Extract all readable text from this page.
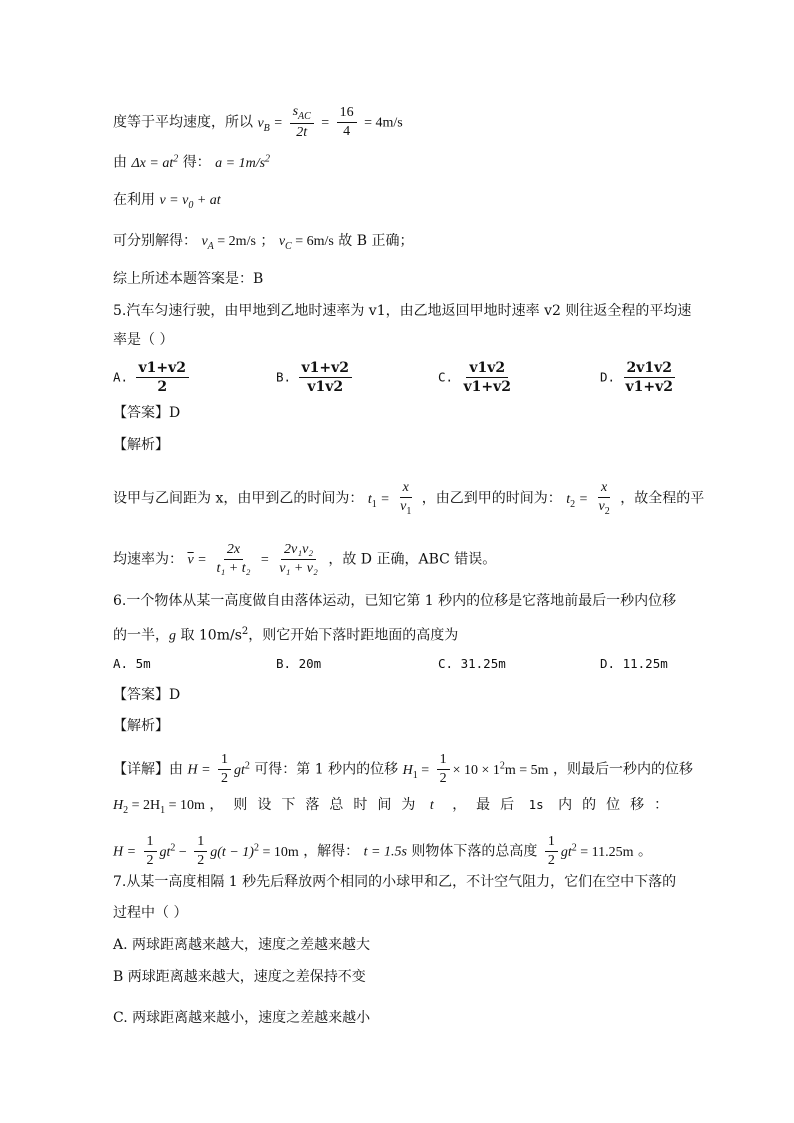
度等于平均速度，所以 $v_B = \frac{s_{AC}}{2t} = \frac{16}{4} = 4m/s$
由 $\Delta x = at^2$ 得： $a = 1m/s^2$
在利用 $v = v_0$ + at
可分别解得： $v_A = 2m/s$ ； $v_C = 6m/s$ 故 B 正确；
综上所述本题答案是：B
5.汽车匀速行驶，由甲地到乙地时速率为 v1，由乙地返回甲地时速率 v2 则往返全程的平均速
率是（ ）
A. $\frac{v1+v2}{2}$	B. $\frac{v1+v2}{v1v2}$	C. $\frac{v1v2}{v1+v2}$	D. $\frac{2v1v2}{v1+v2}$
【答案】D
【解析】
设甲与乙间距为 x，由甲到乙的时间为： $t_1 = \frac{x}{v_1}$ ，由乙到甲的时间为： $t_2 = \frac{x}{v_2}$ ，故全程的平
均速率为： $\overline{v} = \frac{2x}{\text{t₁ + t₂}} = \frac{\text{2v₁v₂}}{\text{v₁ + v₂}}$ ，故 D 正确，ABC 错误。
6.一个物体从某一高度做自由落体运动，已知它第 1 秒内的位移是它落地前最后一秒内位移
的一半，g 取 $10m/s^2$，则它开始下落时距地面的高度为
A. 5m	B. 20m	C. 31.25m	D. 11.25m
【答案】D
【解析】
【详解】由 $H = \frac{1}{2} gt^2$ 可得：第 1 秒内的位移 $H_1 = \frac{1}{2} \times 10 \times 1^2m = 5m$ ，则最后一秒内的位移
$H_2 = 2H_1 = 10m$ ，则设下落总时间为 t ，最后 1s 内的位移：
$H = \frac{1}{2} gt^2 - \frac{1}{2} g(t - 1)^2 = 10m$ ，解得： t = 1.5s 则物体下落的总高度 $\frac{1}{2} gt^2 = 11.25m$ 。
7.从某一高度相隔 1 秒先后释放两个相同的小球甲和乙，不计空气阻力，它们在空中下落的
过程中（ ）
A. 两球距离越来越大，速度之差越来越大
B 两球距离越来越大，速度之差保持不变
C. 两球距离越来越小，速度之差越来越小
